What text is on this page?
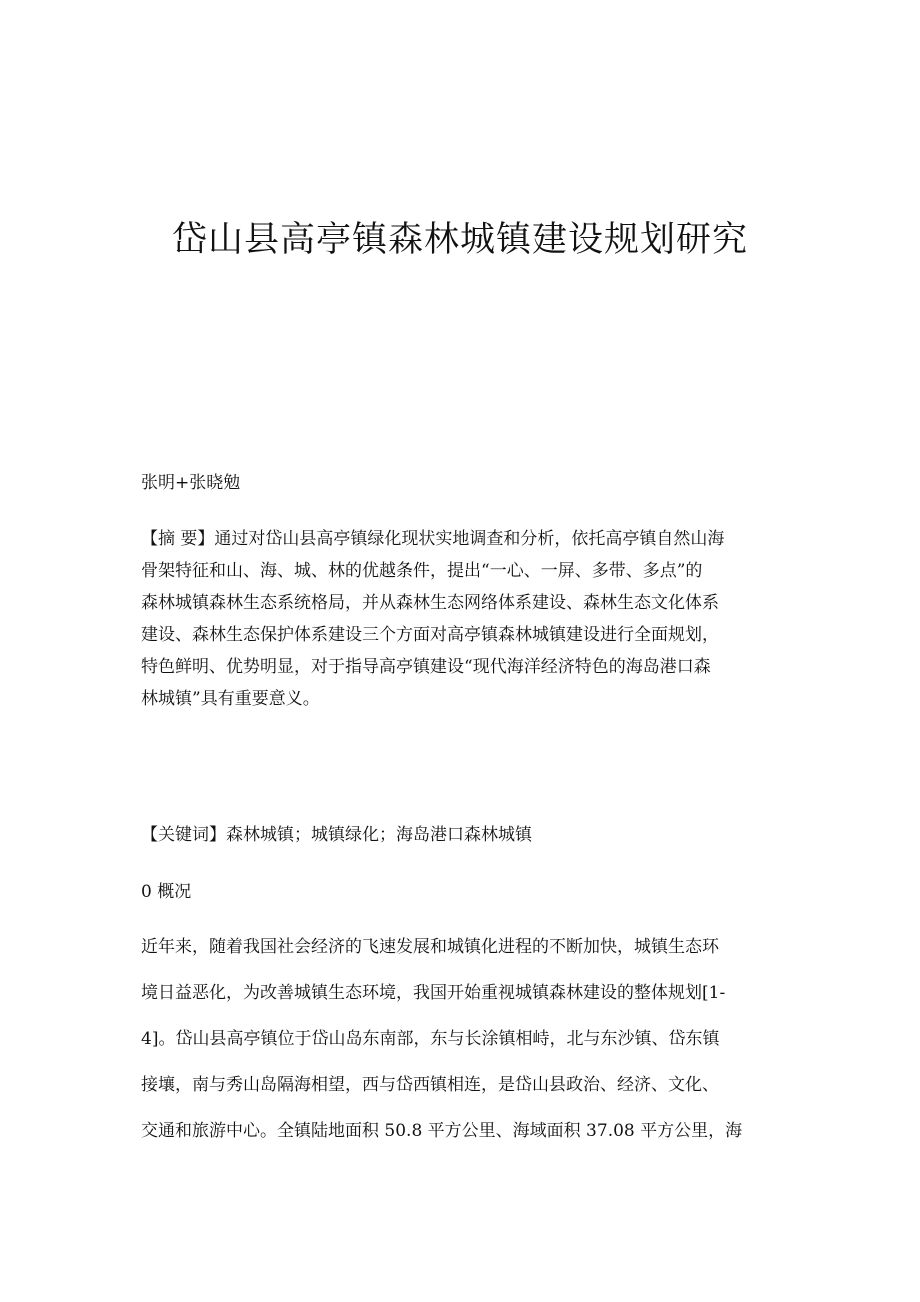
岱山县高亭镇森林城镇建设规划研究

张明+张晓勉

【摘 要】通过对岱山县高亭镇绿化现状实地调查和分析，依托高亭镇自然山海
骨架特征和山、海、城、林的优越条件，提出“一心、一屏、多带、多点”的
森林城镇森林生态系统格局，并从森林生态网络体系建设、森林生态文化体系
建设、森林生态保护体系建设三个方面对高亭镇森林城镇建设进行全面规划，
特色鲜明、优势明显，对于指导高亭镇建设“现代海洋经济特色的海岛港口森
林城镇”具有重要意义。

【关键词】森林城镇；城镇绿化；海岛港口森林城镇

0 概况

近年来，随着我国社会经济的飞速发展和城镇化进程的不断加快，城镇生态环
境日益恶化，为改善城镇生态环境，我国开始重视城镇森林建设的整体规划[1-
4]。岱山县高亭镇位于岱山岛东南部，东与长涂镇相峙，北与东沙镇、岱东镇
接壤，南与秀山岛隔海相望，西与岱西镇相连，是岱山县政治、经济、文化、
交通和旅游中心。全镇陆地面积 50.8 平方公里、海域面积 37.08 平方公里，海
